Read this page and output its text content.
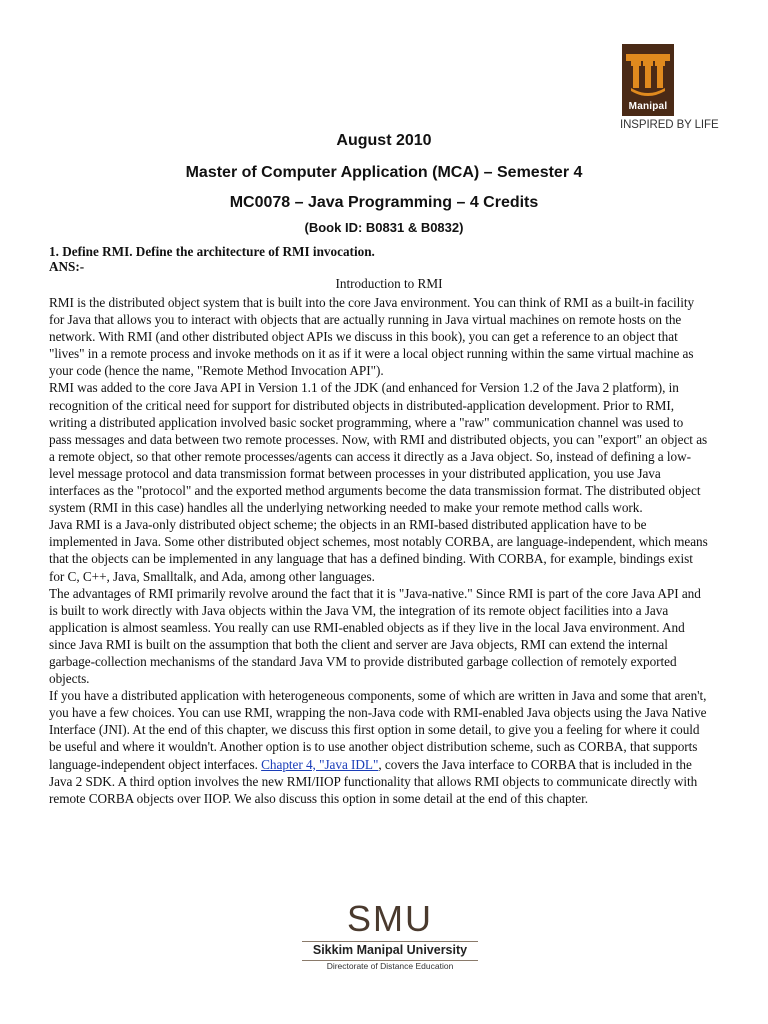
Manipal
INSPIRED BY LIFE
August 2010
Master of Computer Application (MCA) – Semester 4
MC0078 – Java Programming – 4 Credits
(Book ID: B0831 & B0832)
1. Define RMI. Define the architecture of RMI invocation.
ANS:-
Introduction to RMI

RMI is the distributed object system that is built into the core Java environment. You can think of RMI as a built-in facility for Java that allows you to interact with objects that are actually running in Java virtual machines on remote hosts on the network. With RMI (and other distributed object APIs we discuss in this book), you can get a reference to an object that "lives" in a remote process and invoke methods on it as if it were a local object running within the same virtual machine as your code (hence the name, "Remote Method Invocation API").

RMI was added to the core Java API in Version 1.1 of the JDK (and enhanced for Version 1.2 of the Java 2 platform), in recognition of the critical need for support for distributed objects in distributed-application development. Prior to RMI, writing a distributed application involved basic socket programming, where a "raw" communication channel was used to pass messages and data between two remote processes. Now, with RMI and distributed objects, you can "export" an object as a remote object, so that other remote processes/agents can access it directly as a Java object. So, instead of defining a low-level message protocol and data transmission format between processes in your distributed application, you use Java interfaces as the "protocol" and the exported method arguments become the data transmission format. The distributed object system (RMI in this case) handles all the underlying networking needed to make your remote method calls work.

Java RMI is a Java-only distributed object scheme; the objects in an RMI-based distributed application have to be implemented in Java. Some other distributed object schemes, most notably CORBA, are language-independent, which means that the objects can be implemented in any language that has a defined binding. With CORBA, for example, bindings exist for C, C++, Java, Smalltalk, and Ada, among other languages.

The advantages of RMI primarily revolve around the fact that it is "Java-native." Since RMI is part of the core Java API and is built to work directly with Java objects within the Java VM, the integration of its remote object facilities into a Java application is almost seamless. You really can use RMI-enabled objects as if they live in the local Java environment. And since Java RMI is built on the assumption that both the client and server are Java objects, RMI can extend the internal garbage-collection mechanisms of the standard Java VM to provide distributed garbage collection of remotely exported objects.

If you have a distributed application with heterogeneous components, some of which are written in Java and some that aren't, you have a few choices. You can use RMI, wrapping the non-Java code with RMI-enabled Java objects using the Java Native Interface (JNI). At the end of this chapter, we discuss this first option in some detail, to give you a feeling for where it could be useful and where it wouldn't. Another option is to use another object distribution scheme, such as CORBA, that supports language-independent object interfaces. Chapter 4, "Java IDL", covers the Java interface to CORBA that is included in the Java 2 SDK. A third option involves the new RMI/IIOP functionality that allows RMI objects to communicate directly with remote CORBA objects over IIOP. We also discuss this option in some detail at the end of this chapter.

SMU
Sikkim Manipal University
Directorate of Distance Education
